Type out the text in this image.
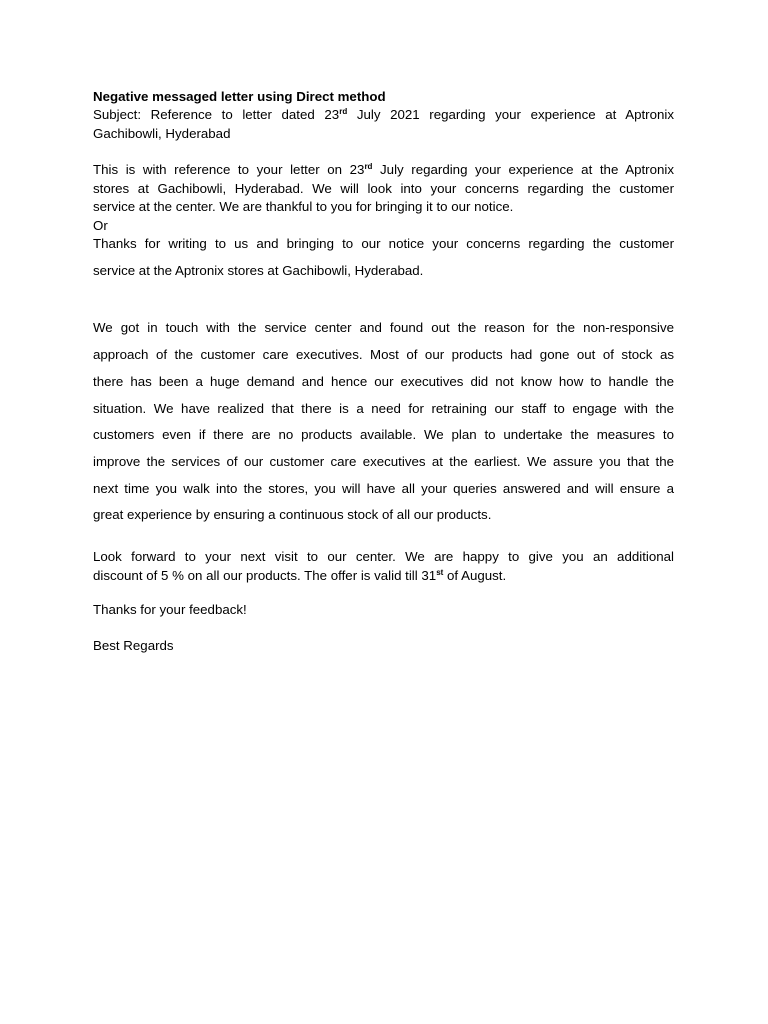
Negative messaged letter using Direct method
Subject: Reference to letter dated 23rd July 2021 regarding your experience at Aptronix
Gachibowli, Hyderabad
This is with reference to your letter on 23rd July regarding your experience at the Aptronix
stores at Gachibowli, Hyderabad. We will look into your concerns regarding the customer
service at the center. We are thankful to you for bringing it to our notice.
Or
Thanks for writing to us and bringing to our notice your concerns regarding the customer
service at the Aptronix stores at Gachibowli, Hyderabad.
We got in touch with the service center and found out the reason for the non-responsive
approach of the customer care executives. Most of our products had gone out of stock as
there has been a huge demand and hence our executives did not know how to handle the
situation. We have realized that there is a need for retraining our staff to engage with the
customers even if there are no products available. We plan to undertake the measures to
improve the services of our customer care executives at the earliest. We assure you that the
next time you walk into the stores, you will have all your queries answered and will ensure a
great experience by ensuring a continuous stock of all our products.
Look forward to your next visit to our center. We are happy to give you an additional
discount of 5 % on all our products. The offer is valid till 31st of August.
Thanks for your feedback!
Best Regards
